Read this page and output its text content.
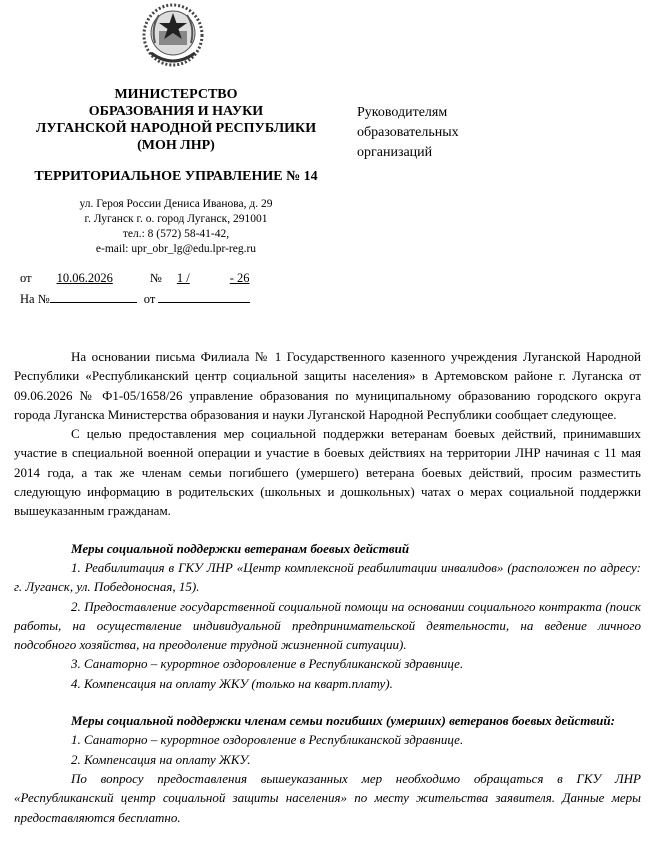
МИНИСТЕРСТВО
ОБРАЗОВАНИЯ И НАУКИ
ЛУГАНСКОЙ НАРОДНОЙ РЕСПУБЛИКИ
(МОН ЛНР)
ТЕРРИТОРИАЛЬНОЕ УПРАВЛЕНИЕ № 14
ул. Героя России Дениса Иванова, д. 29
г. Луганск г. о. город Луганск, 291001
тел.: 8 (572) 58-41-42,
e-mail: upr_obr_lg@edu.lpr-reg.ru
Руководителям
образовательных
организаций
от 10.06.2026	№ 1 /	- 26
На №	от

На основании письма Филиала № 1 Государственного казенного учреждения Луганской Народной Республики «Республиканский центр социальной защиты населения» в Артемовском районе г. Луганска от 09.06.2026 № Ф1-05/1658/26 управление образования по муниципальному образованию городского округа города Луганска Министерства образования и науки Луганской Народной Республики сообщает следующее.

С целью предоставления мер социальной поддержки ветеранам боевых действий, принимавших участие в специальной военной операции и участие в боевых действиях на территории ЛНР начиная с 11 мая 2014 года, а так же членам семьи погибшего (умершего) ветерана боевых действий, просим разместить следующую информацию в родительских (школьных и дошкольных) чатах о мерах социальной поддержки вышеуказанным гражданам.

Меры социальной поддержки ветеранам боевых действий

1. Реабилитация в ГКУ ЛНР «Центр комплексной реабилитации инвалидов» (расположен по адресу: г. Луганск, ул. Победоносная, 15).

2. Предоставление государственной социальной помощи на основании социального контракта (поиск работы, на осуществление индивидуальной предпринимательской деятельности, на ведение личного подсобного хозяйства, на преодоление трудной жизненной ситуации).

3. Санаторно – курортное оздоровление в Республиканской здравнице.

4. Компенсация на оплату ЖКУ (только на кварт.плату).

Меры социальной поддержки членам семьи погибших (умерших) ветеранов боевых действий:

1. Санаторно – курортное оздоровление в Республиканской здравнице.

2. Компенсация на оплату ЖКУ.

По вопросу предоставления вышеуказанных мер необходимо обращаться в ГКУ ЛНР «Республиканский центр социальной защиты населения» по месту жительства заявителя. Данные меры предоставляются бесплатно.
